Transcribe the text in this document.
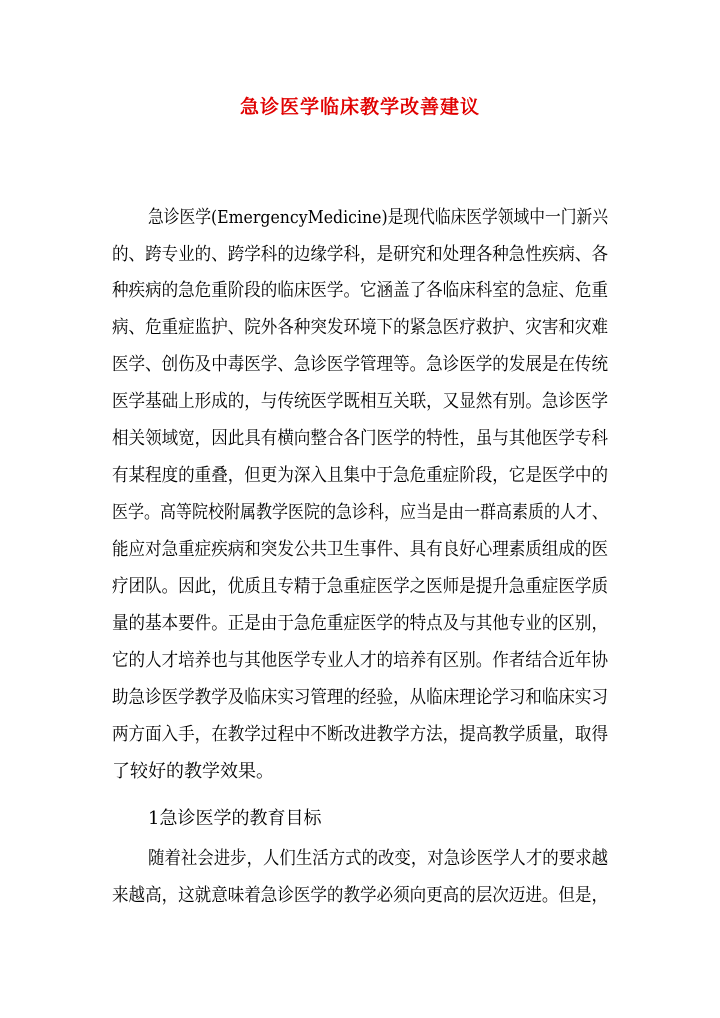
急诊医学临床教学改善建议

急诊医学(EmergencyMedicine)是现代临床医学领域中一门新兴

的、跨专业的、跨学科的边缘学科，是研究和处理各种急性疾病、各

种疾病的急危重阶段的临床医学。它涵盖了各临床科室的急症、危重

病、危重症监护、院外各种突发环境下的紧急医疗救护、灾害和灾难

医学、创伤及中毒医学、急诊医学管理等。急诊医学的发展是在传统

医学基础上形成的，与传统医学既相互关联，又显然有别。急诊医学

相关领域宽，因此具有横向整合各门医学的特性，虽与其他医学专科

有某程度的重叠，但更为深入且集中于急危重症阶段，它是医学中的

医学。高等院校附属教学医院的急诊科，应当是由一群高素质的人才、

能应对急重症疾病和突发公共卫生事件、具有良好心理素质组成的医

疗团队。因此，优质且专精于急重症医学之医师是提升急重症医学质

量的基本要件。正是由于急危重症医学的特点及与其他专业的区别，

它的人才培养也与其他医学专业人才的培养有区别。作者结合近年协

助急诊医学教学及临床实习管理的经验，从临床理论学习和临床实习

两方面入手，在教学过程中不断改进教学方法，提高教学质量，取得

了较好的教学效果。

1急诊医学的教育目标

随着社会进步，人们生活方式的改变，对急诊医学人才的要求越

来越高，这就意味着急诊医学的教学必须向更高的层次迈进。但是，
